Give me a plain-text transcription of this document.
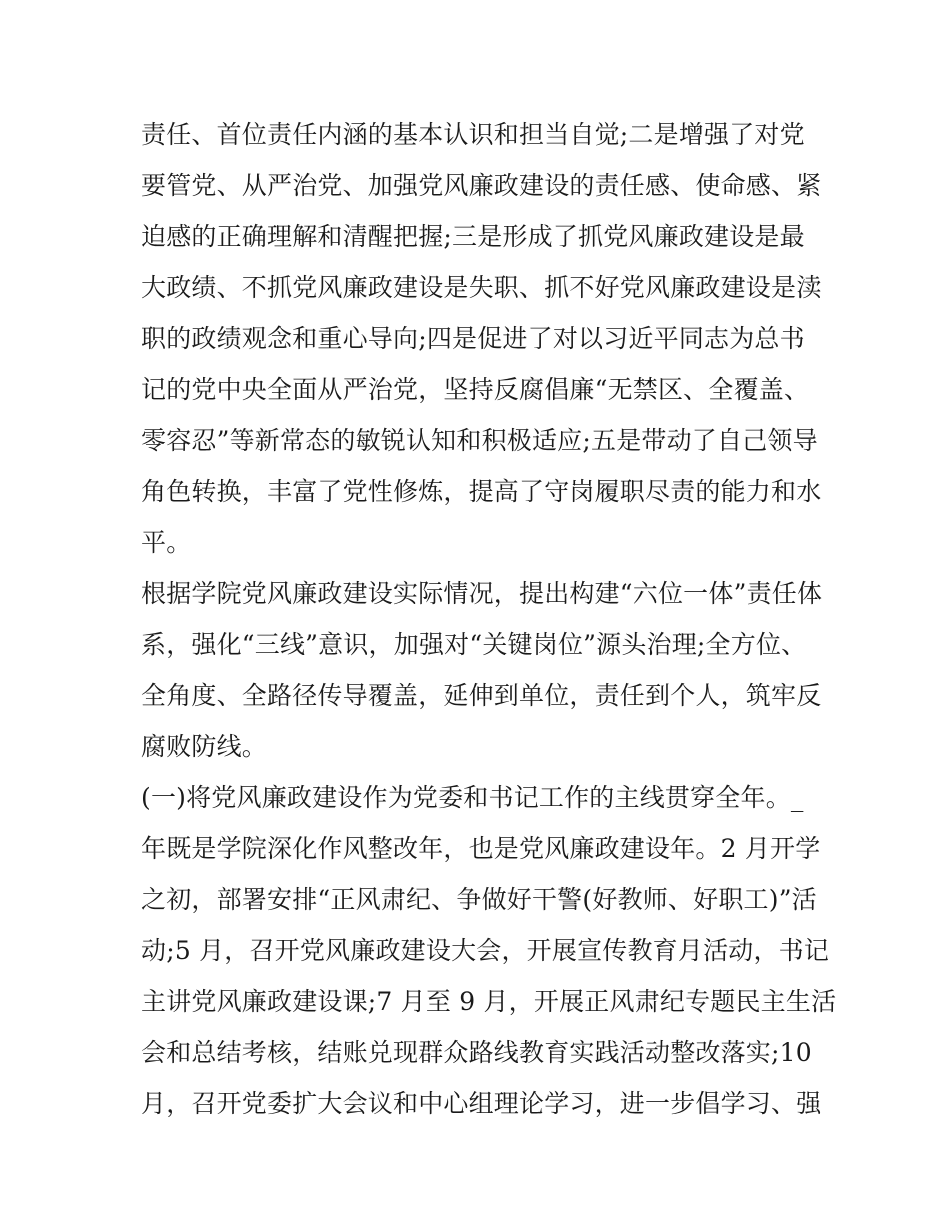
责任、首位责任内涵的基本认识和担当自觉;二是增强了对党
要管党、从严治党、加强党风廉政建设的责任感、使命感、紧
迫感的正确理解和清醒把握;三是形成了抓党风廉政建设是最
大政绩、不抓党风廉政建设是失职、抓不好党风廉政建设是渎
职的政绩观念和重心导向;四是促进了对以习近平同志为总书
记的党中央全面从严治党，坚持反腐倡廉“无禁区、全覆盖、
零容忍”等新常态的敏锐认知和积极适应;五是带动了自己领导
角色转换，丰富了党性修炼，提高了守岗履职尽责的能力和水
平。
根据学院党风廉政建设实际情况，提出构建“六位一体”责任体
系，强化“三线”意识，加强对“关键岗位”源头治理;全方位、
全角度、全路径传导覆盖，延伸到单位，责任到个人，筑牢反
腐败防线。
(一)将党风廉政建设作为党委和书记工作的主线贯穿全年。_
年既是学院深化作风整改年，也是党风廉政建设年。2 月开学
之初，部署安排“正风肃纪、争做好干警(好教师、好职工)”活
动;5 月，召开党风廉政建设大会，开展宣传教育月活动，书记
主讲党风廉政建设课;7 月至 9 月，开展正风肃纪专题民主生活
会和总结考核，结账兑现群众路线教育实践活动整改落实;10
月，召开党委扩大会议和中心组理论学习，进一步倡学习、强
